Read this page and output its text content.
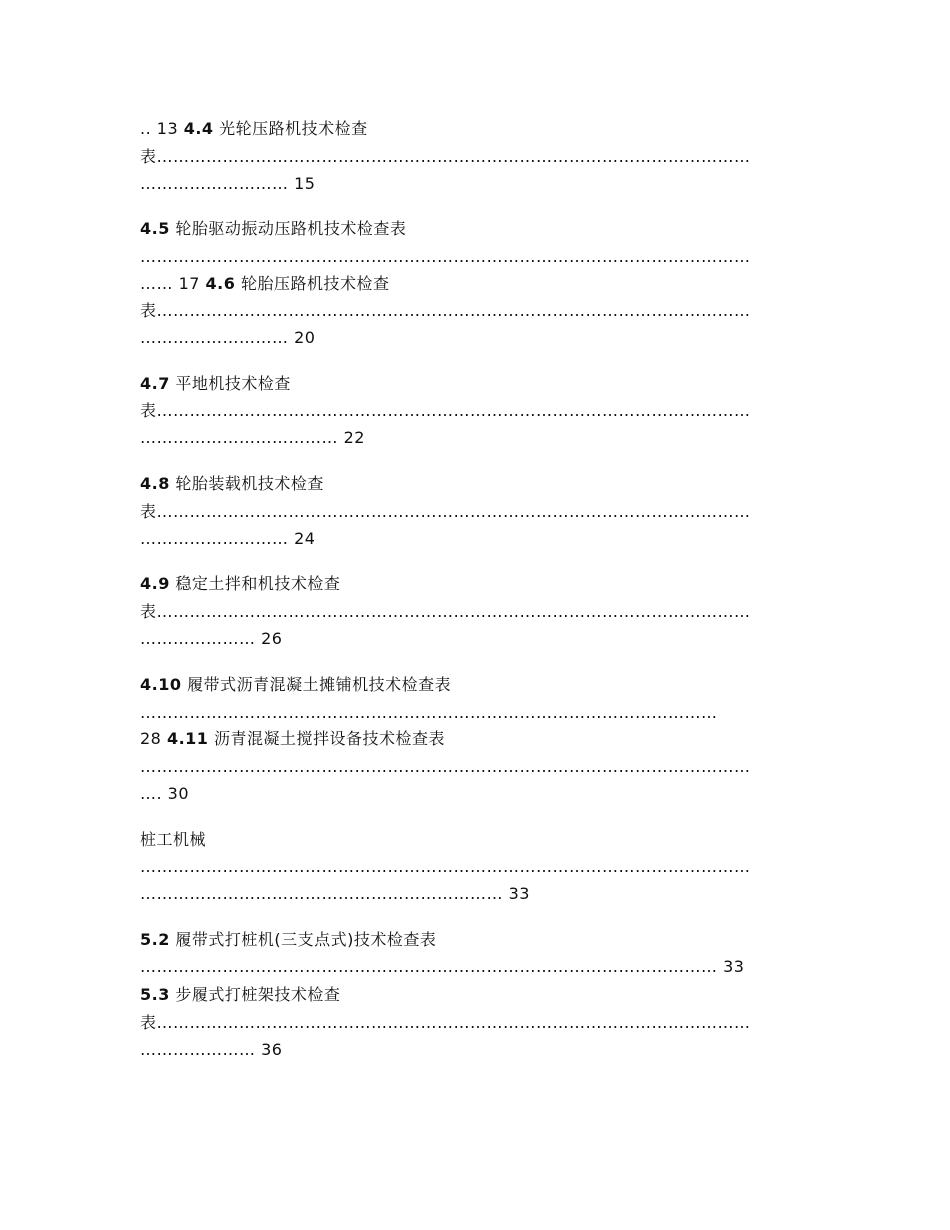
.. 13 4.4 光轮压路机技术检查
表………………………………………………………………………………………………
……………………… 15
4.5 轮胎驱动振动压路机技术检查表
…………………………………………………………………………………………………
…… 17 4.6 轮胎压路机技术检查
表………………………………………………………………………………………………
……………………… 20
4.7 平地机技术检查
表………………………………………………………………………………………………
……………………………… 22
4.8 轮胎装载机技术检查
表………………………………………………………………………………………………
……………………… 24
4.9 稳定土拌和机技术检查
表………………………………………………………………………………………………
………………… 26
4.10 履带式沥青混凝土摊铺机技术检查表
……………………………………………………………………………………………
28 4.11 沥青混凝土搅拌设备技术检查表
…………………………………………………………………………………………………
…. 30
桩工机械
…………………………………………………………………………………………………
………………………………………………………… 33
5.2 履带式打桩机(三支点式)技术检查表
…………………………………………………………………………………………… 33
5.3 步履式打桩架技术检查
表………………………………………………………………………………………………
………………… 36
